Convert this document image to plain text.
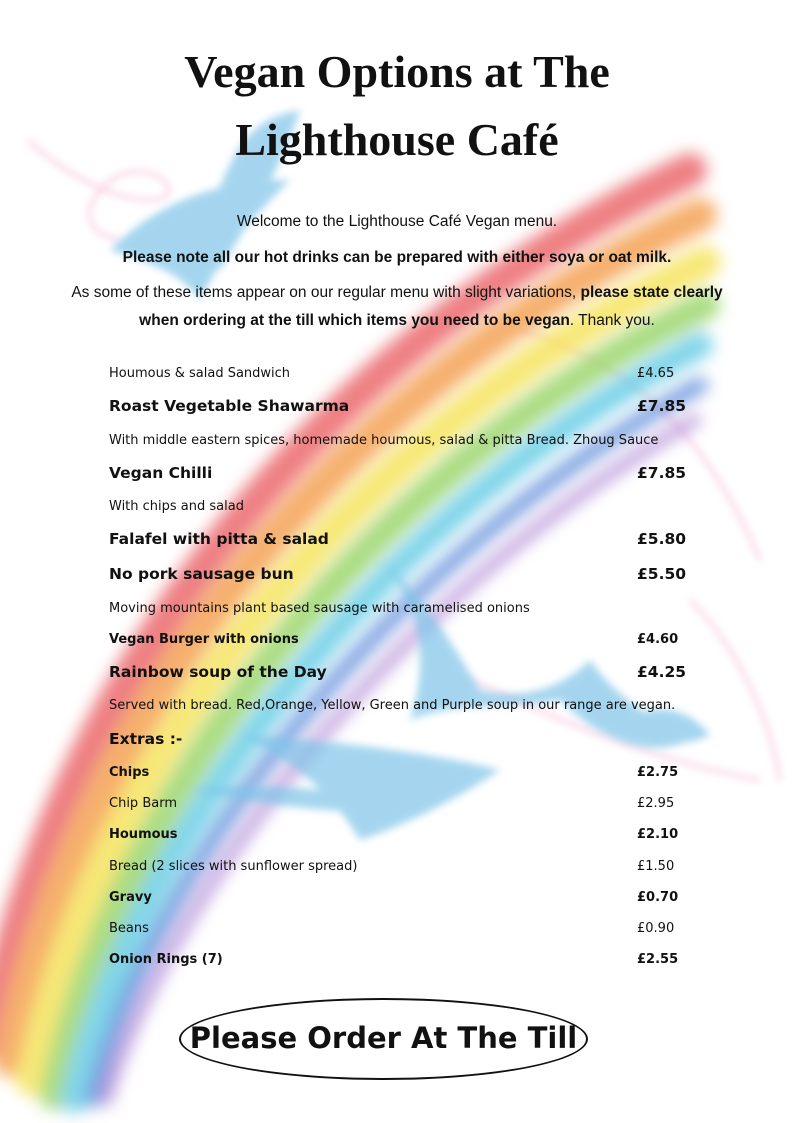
Vegan Options at The
Lighthouse Café
Welcome to the Lighthouse Café Vegan menu.
Please note all our hot drinks can be prepared with either soya or oat milk.
As some of these items appear on our regular menu with slight variations, please state clearly
when ordering at the till which items you need to be vegan. Thank you.
Houmous & salad Sandwich	£4.65
Roast Vegetable Shawarma	£7.85
With middle eastern spices, homemade houmous, salad & pitta Bread. Zhoug Sauce
Vegan Chilli	£7.85
With chips and salad
Falafel with pitta & salad	£5.80
No pork sausage bun	£5.50
Moving mountains plant based sausage with caramelised onions
Vegan Burger with onions	£4.60
Rainbow soup of the Day	£4.25
Served with bread. Red,Orange, Yellow, Green and Purple soup in our range are vegan.
Extras :-
Chips	£2.75
Chip Barm	£2.95
Houmous	£2.10
Bread (2 slices with sunflower spread)	£1.50
Gravy	£0.70
Beans	£0.90
Onion Rings (7)	£2.55
Please Order At The Till
